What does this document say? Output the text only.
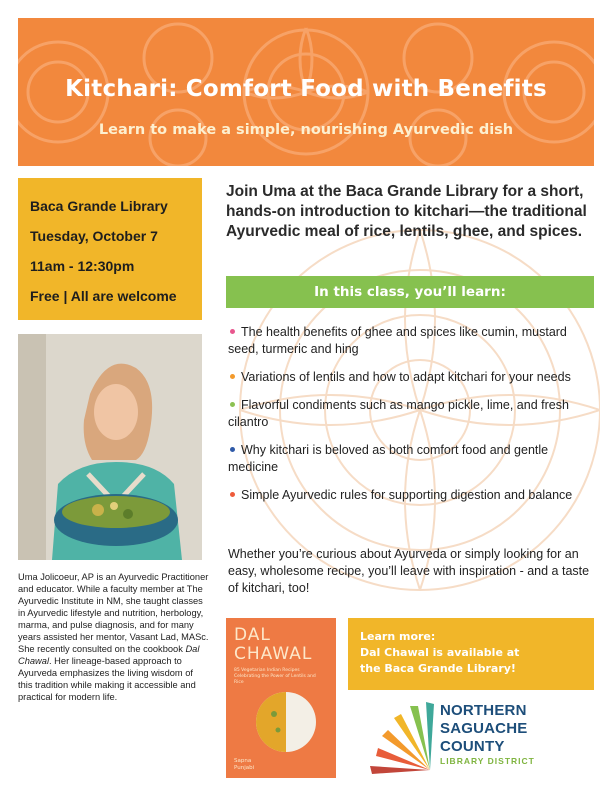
Kitchari: Comfort Food with Benefits
Learn to make a simple, nourishing Ayurvedic dish
Baca Grande Library
Tuesday, October 7
11am - 12:30pm
Free | All are welcome
Uma Jolicoeur, AP is an Ayurvedic Practitioner and educator. While a faculty member at The Ayurvedic Institute in NM, she taught classes in Ayurvedic lifestyle and nutrition, herbology, marma, and pulse diagnosis, and for many years assisted her mentor, Vasant Lad, MASc. She recently consulted on the cookbook Dal Chawal. Her lineage-based approach to Ayurveda emphasizes the living wisdom of this tradition while making it accessible and practical for modern life.
Join Uma at the Baca Grande Library for a short, hands-on introduction to kitchari—the traditional Ayurvedic meal of rice, lentils, ghee, and spices.
In this class, you’ll learn:
The health benefits of ghee and spices like cumin, mustard seed, turmeric and hing
Variations of lentils and how to adapt kitchari for your needs
Flavorful condiments such as mango pickle, lime, and fresh cilantro
Why kitchari is beloved as both comfort food and gentle medicine
Simple Ayurvedic rules for supporting digestion and balance
Whether you’re curious about Ayurveda or simply looking for an easy, wholesome recipe, you’ll leave with inspiration - and a taste of kitchari, too!
DAL
CHAWAL
85 Vegetarian Indian Recipes Celebrating the Power of Lentils and Rice
Sapna
Punjabi
Learn more:
Dal Chawal is available at
the Baca Grande Library!
NORTHERN
SAGUACHE
COUNTY
LIBRARY DISTRICT
